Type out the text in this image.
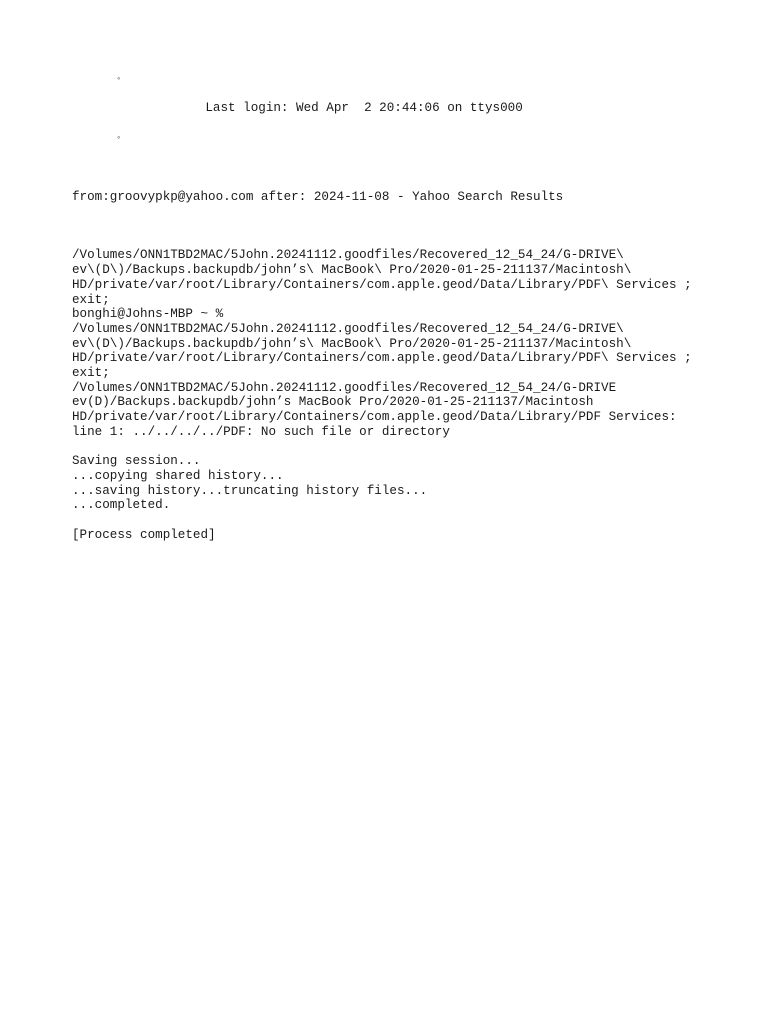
◦

Last login: Wed Apr  2 20:44:06 on ttys000

◦

from:groovypkp@yahoo.com after: 2024-11-08 - Yahoo Search Results
/Volumes/ONN1TBD2MAC/5John.20241112.goodfiles/Recovered_12_54_24/G-DRIVE\
ev\(D\)/Backups.backupdb/john’s\ MacBook\ Pro/2020-01-25-211137/Macintosh\
HD/private/var/root/Library/Containers/com.apple.geod/Data/Library/PDF\ Services ;
exit;
bonghi@Johns-MBP ~ %
/Volumes/ONN1TBD2MAC/5John.20241112.goodfiles/Recovered_12_54_24/G-DRIVE\
ev\(D\)/Backups.backupdb/john’s\ MacBook\ Pro/2020-01-25-211137/Macintosh\
HD/private/var/root/Library/Containers/com.apple.geod/Data/Library/PDF\ Services ;
exit;
/Volumes/ONN1TBD2MAC/5John.20241112.goodfiles/Recovered_12_54_24/G-DRIVE
ev(D)/Backups.backupdb/john’s MacBook Pro/2020-01-25-211137/Macintosh
HD/private/var/root/Library/Containers/com.apple.geod/Data/Library/PDF Services:
line 1: ../../../../PDF: No such file or directory
Saving session...
...copying shared history...
...saving history...truncating history files...
...completed.
[Process completed]
